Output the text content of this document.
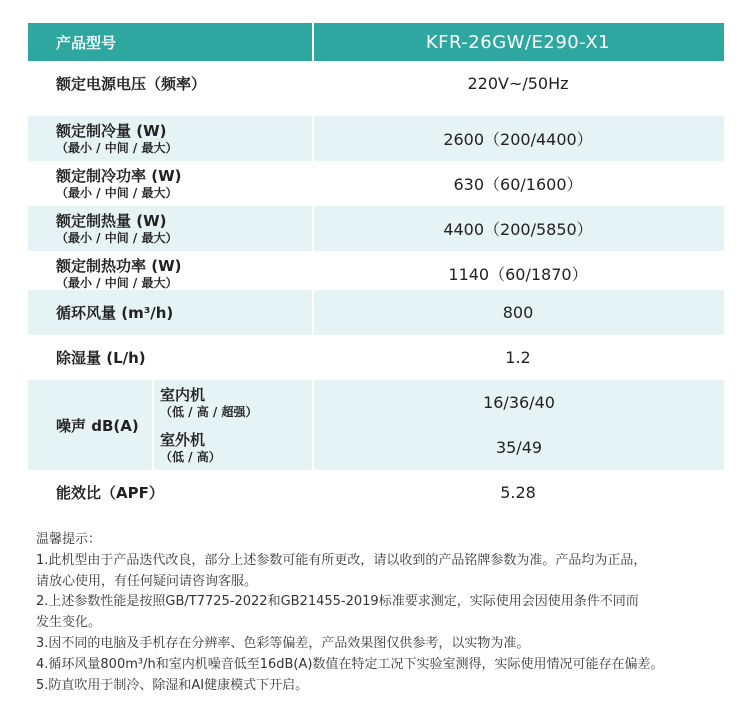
产品型号	KFR-26GW/E290-X1
额定电源电压（频率）	220V~/50Hz
额定制冷量 (W)
（最小 / 中间 / 最大）	2600（200/4400）
额定制冷功率 (W)
（最小 / 中间 / 最大）	630（60/1600）
额定制热量 (W)
（最小 / 中间 / 最大）	4400（200/5850）
额定制热功率 (W)
（最小 / 中间 / 最大）	1140（60/1870）
循环风量 (m³/h)	800
除湿量 (L/h)	1.2
噪声 dB(A)
室内机
（低 / 高 / 超强）	16/36/40
室外机
（低 / 高）	35/49
能效比（APF）	5.28
温馨提示：
1.此机型由于产品迭代改良，部分上述参数可能有所更改，请以收到的产品铭牌参数为准。产品均为正品，
请放心使用，有任何疑问请咨询客服。
2.上述参数性能是按照GB/T7725-2022和GB21455-2019标准要求测定，实际使用会因使用条件不同而
发生变化。
3.因不同的电脑及手机存在分辨率、色彩等偏差，产品效果图仅供参考，以实物为准。
4.循环风量800m³/h和室内机噪音低至16dB(A)数值在特定工况下实验室测得，实际使用情况可能存在偏差。
5.防直吹用于制冷、除湿和AI健康模式下开启。
